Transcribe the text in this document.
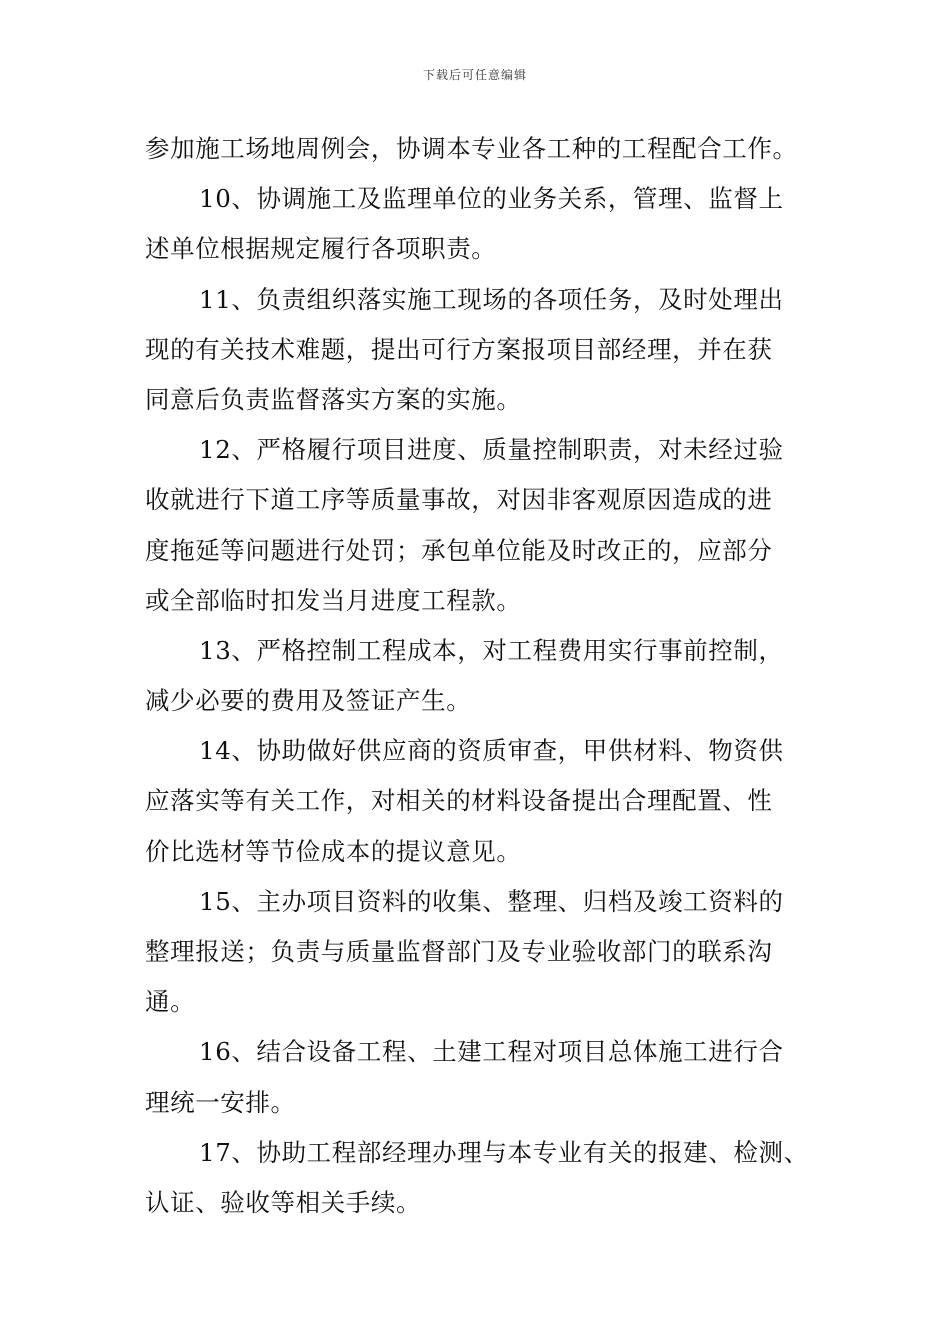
下载后可任意编辑
参加施工场地周例会，协调本专业各工种的工程配合工作。
10、协调施工及监理单位的业务关系，管理、监督上
述单位根据规定履行各项职责。
11、负责组织落实施工现场的各项任务，及时处理出
现的有关技术难题，提出可行方案报项目部经理，并在获
同意后负责监督落实方案的实施。
12、严格履行项目进度、质量控制职责，对未经过验
收就进行下道工序等质量事故，对因非客观原因造成的进
度拖延等问题进行处罚；承包单位能及时改正的，应部分
或全部临时扣发当月进度工程款。
13、严格控制工程成本，对工程费用实行事前控制，
减少必要的费用及签证产生。
14、协助做好供应商的资质审查，甲供材料、物资供
应落实等有关工作，对相关的材料设备提出合理配置、性
价比选材等节俭成本的提议意见。
15、主办项目资料的收集、整理、归档及竣工资料的
整理报送；负责与质量监督部门及专业验收部门的联系沟
通。
16、结合设备工程、土建工程对项目总体施工进行合
理统一安排。
17、协助工程部经理办理与本专业有关的报建、检测、
认证、验收等相关手续。
